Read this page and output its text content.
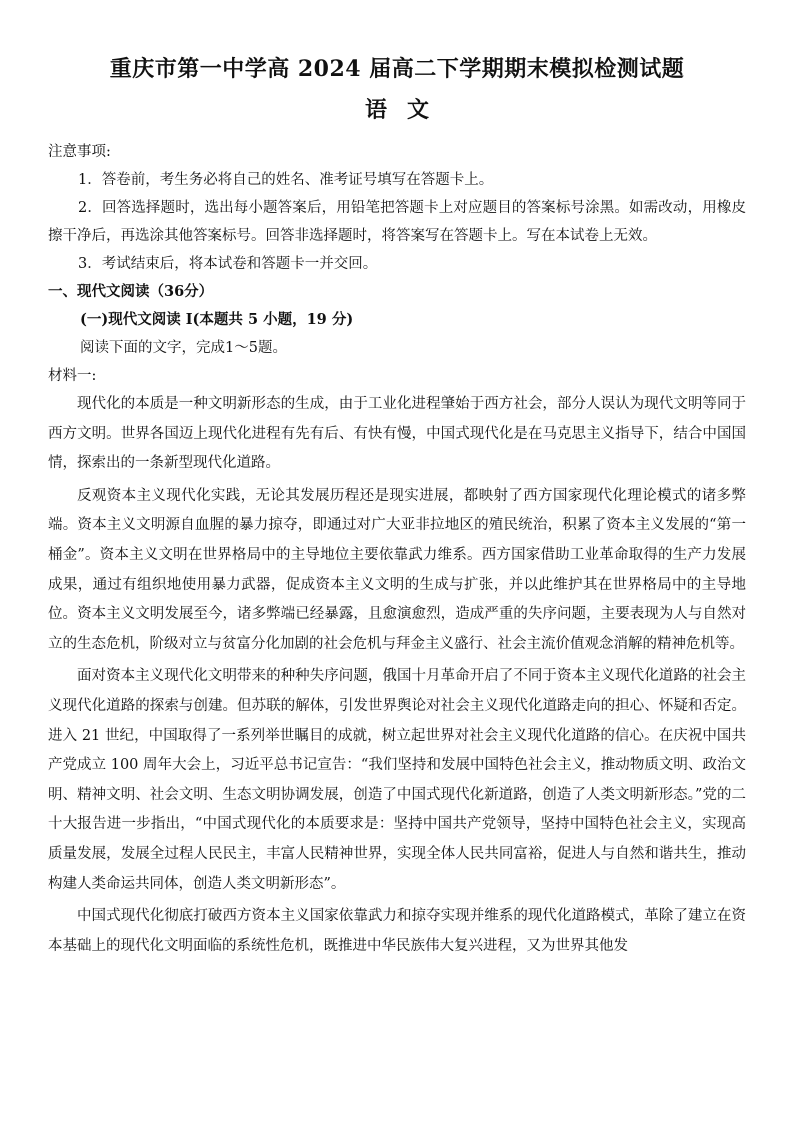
重庆市第一中学高 2024 届高二下学期期末模拟检测试题
语文

注意事项:

1．答卷前，考生务必将自己的姓名、准考证号填写在答题卡上。

2．回答选择题时，选出每小题答案后，用铅笔把答题卡上对应题目的答案标号涂黑。如需改动，用橡皮擦干净后，再选涂其他答案标号。回答非选择题时，将答案写在答题卡上。写在本试卷上无效。

3．考试结束后，将本试卷和答题卡一并交回。

一、现代文阅读（36分）

(一)现代文阅读 I(本题共 5 小题，19 分)

阅读下面的文字，完成1～5题。

材料一:

现代化的本质是一种文明新形态的生成，由于工业化进程肇始于西方社会，部分人误认为现代文明等同于西方文明。世界各国迈上现代化进程有先有后、有快有慢，中国式现代化是在马克思主义指导下，结合中国国情，探索出的一条新型现代化道路。

反观资本主义现代化实践，无论其发展历程还是现实进展，都映射了西方国家现代化理论模式的诸多弊端。资本主义文明源自血腥的暴力掠夺，即通过对广大亚非拉地区的殖民统治，积累了资本主义发展的“第一桶金”。资本主义文明在世界格局中的主导地位主要依靠武力维系。西方国家借助工业革命取得的生产力发展成果，通过有组织地使用暴力武器，促成资本主义文明的生成与扩张，并以此维护其在世界格局中的主导地位。资本主义文明发展至今，诸多弊端已经暴露，且愈演愈烈，造成严重的失序问题，主要表现为人与自然对立的生态危机，阶级对立与贫富分化加剧的社会危机与拜金主义盛行、社会主流价值观念消解的精神危机等。

面对资本主义现代化文明带来的种种失序问题，俄国十月革命开启了不同于资本主义现代化道路的社会主义现代化道路的探索与创建。但苏联的解体，引发世界舆论对社会主义现代化道路走向的担心、怀疑和否定。进入 21 世纪，中国取得了一系列举世瞩目的成就，树立起世界对社会主义现代化道路的信心。在庆祝中国共产党成立 100 周年大会上，习近平总书记宣告：“我们坚持和发展中国特色社会主义，推动物质文明、政治文明、精神文明、社会文明、生态文明协调发展，创造了中国式现代化新道路，创造了人类文明新形态。”党的二十大报告进一步指出，“中国式现代化的本质要求是：坚持中国共产党领导，坚持中国特色社会主义，实现高质量发展，发展全过程人民民主，丰富人民精神世界，实现全体人民共同富裕，促进人与自然和谐共生，推动构建人类命运共同体，创造人类文明新形态”。

中国式现代化彻底打破西方资本主义国家依靠武力和掠夺实现并维系的现代化道路模式，革除了建立在资本基础上的现代化文明面临的系统性危机，既推进中华民族伟大复兴进程，又为世界其他发
